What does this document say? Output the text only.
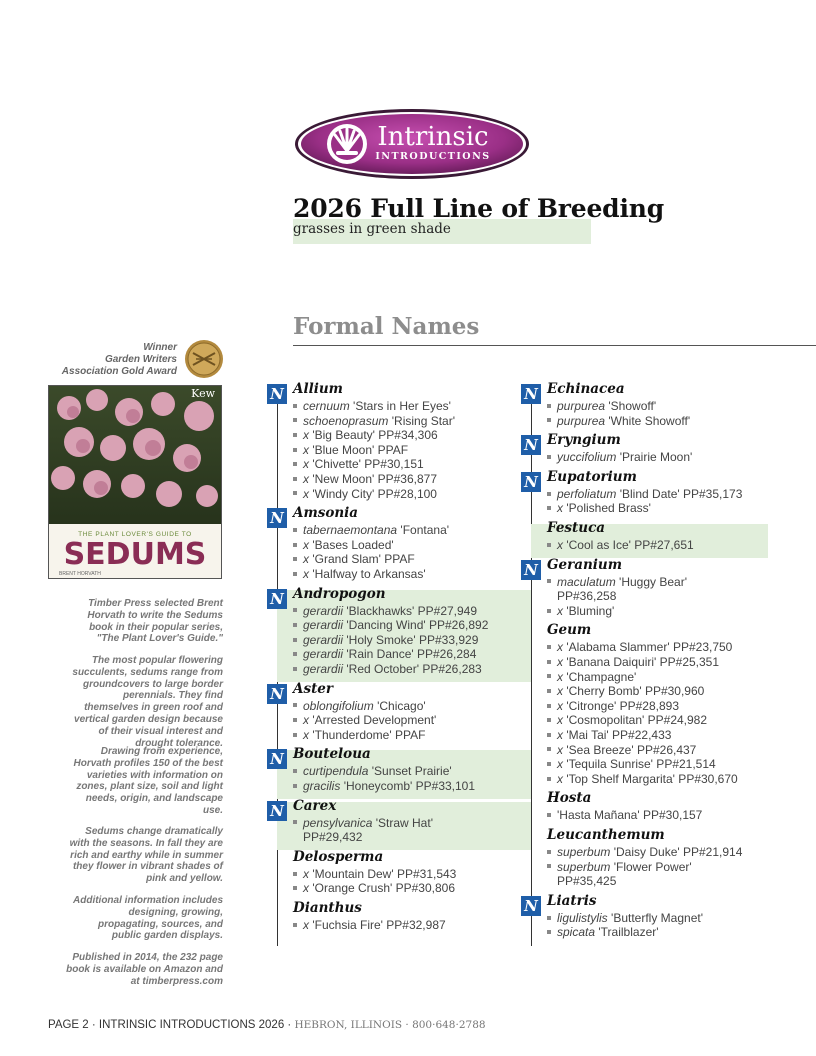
Intrinsic
INTRODUCTIONS
2026 Full Line of Breeding
grasses in green shade
Formal Names
Winner
Garden Writers
Association Gold Award
Kew
THE PLANT LOVER'S GUIDE TO
SEDUMS
BRENT HORVATH
Timber Press selected Brent Horvath to write the Sedums book in their popular series, "The Plant Lover's Guide."
The most popular flowering succulents, sedums range from groundcovers to large border perennials. They find themselves in green roof and vertical garden design because of their visual interest and drought tolerance.
Drawing from experience, Horvath profiles 150 of the best varieties with information on zones, plant size, soil and light needs, origin, and landscape use.
Sedums change dramatically with the seasons. In fall they are rich and earthy while in summer they flower in vibrant shades of pink and yellow.
Additional information includes designing, growing, propagating, sources, and public garden displays.
Published in 2014, the 232 page book is available on Amazon and at timberpress.com
N Allium
cernuum 'Stars in Her Eyes'
schoenoprasum 'Rising Star'
x 'Big Beauty' PP#34,306
x 'Blue Moon' PPAF
x 'Chivette' PP#30,151
x 'New Moon' PP#36,877
x 'Windy City' PP#28,100
N Amsonia
tabernaemontana 'Fontana'
x 'Bases Loaded'
x 'Grand Slam' PPAF
x 'Halfway to Arkansas'
N Andropogon
gerardii 'Blackhawks' PP#27,949
gerardii 'Dancing Wind' PP#26,892
gerardii 'Holy Smoke' PP#33,929
gerardii 'Rain Dance' PP#26,284
gerardii 'Red October' PP#26,283
N Aster
oblongifolium 'Chicago'
x 'Arrested Development'
x 'Thunderdome' PPAF
N Bouteloua
curtipendula 'Sunset Prairie'
gracilis 'Honeycomb' PP#33,101
N Carex
pensylvanica 'Straw Hat'
PP#29,432
Delosperma
x 'Mountain Dew' PP#31,543
x 'Orange Crush' PP#30,806
Dianthus
x 'Fuchsia Fire' PP#32,987
N Echinacea
purpurea 'Showoff'
purpurea 'White Showoff'
N Eryngium
yuccifolium 'Prairie Moon'
N Eupatorium
perfoliatum 'Blind Date' PP#35,173
x 'Polished Brass'
Festuca
x 'Cool as Ice' PP#27,651
N Geranium
maculatum 'Huggy Bear'
PP#36,258
x 'Bluming'
Geum
x 'Alabama Slammer' PP#23,750
x 'Banana Daiquiri' PP#25,351
x 'Champagne'
x 'Cherry Bomb' PP#30,960
x 'Citronge' PP#28,893
x 'Cosmopolitan' PP#24,982
x 'Mai Tai' PP#22,433
x 'Sea Breeze' PP#26,437
x 'Tequila Sunrise' PP#21,514
x 'Top Shelf Margarita' PP#30,670
Hosta
'Hasta Mañana' PP#30,157
Leucanthemum
superbum 'Daisy Duke' PP#21,914
superbum 'Flower Power'
PP#35,425
N Liatris
ligulistylis 'Butterfly Magnet'
spicata 'Trailblazer'
PAGE 2 · INTRINSIC INTRODUCTIONS 2026 · HEBRON, ILLINOIS · 800·648·2788
